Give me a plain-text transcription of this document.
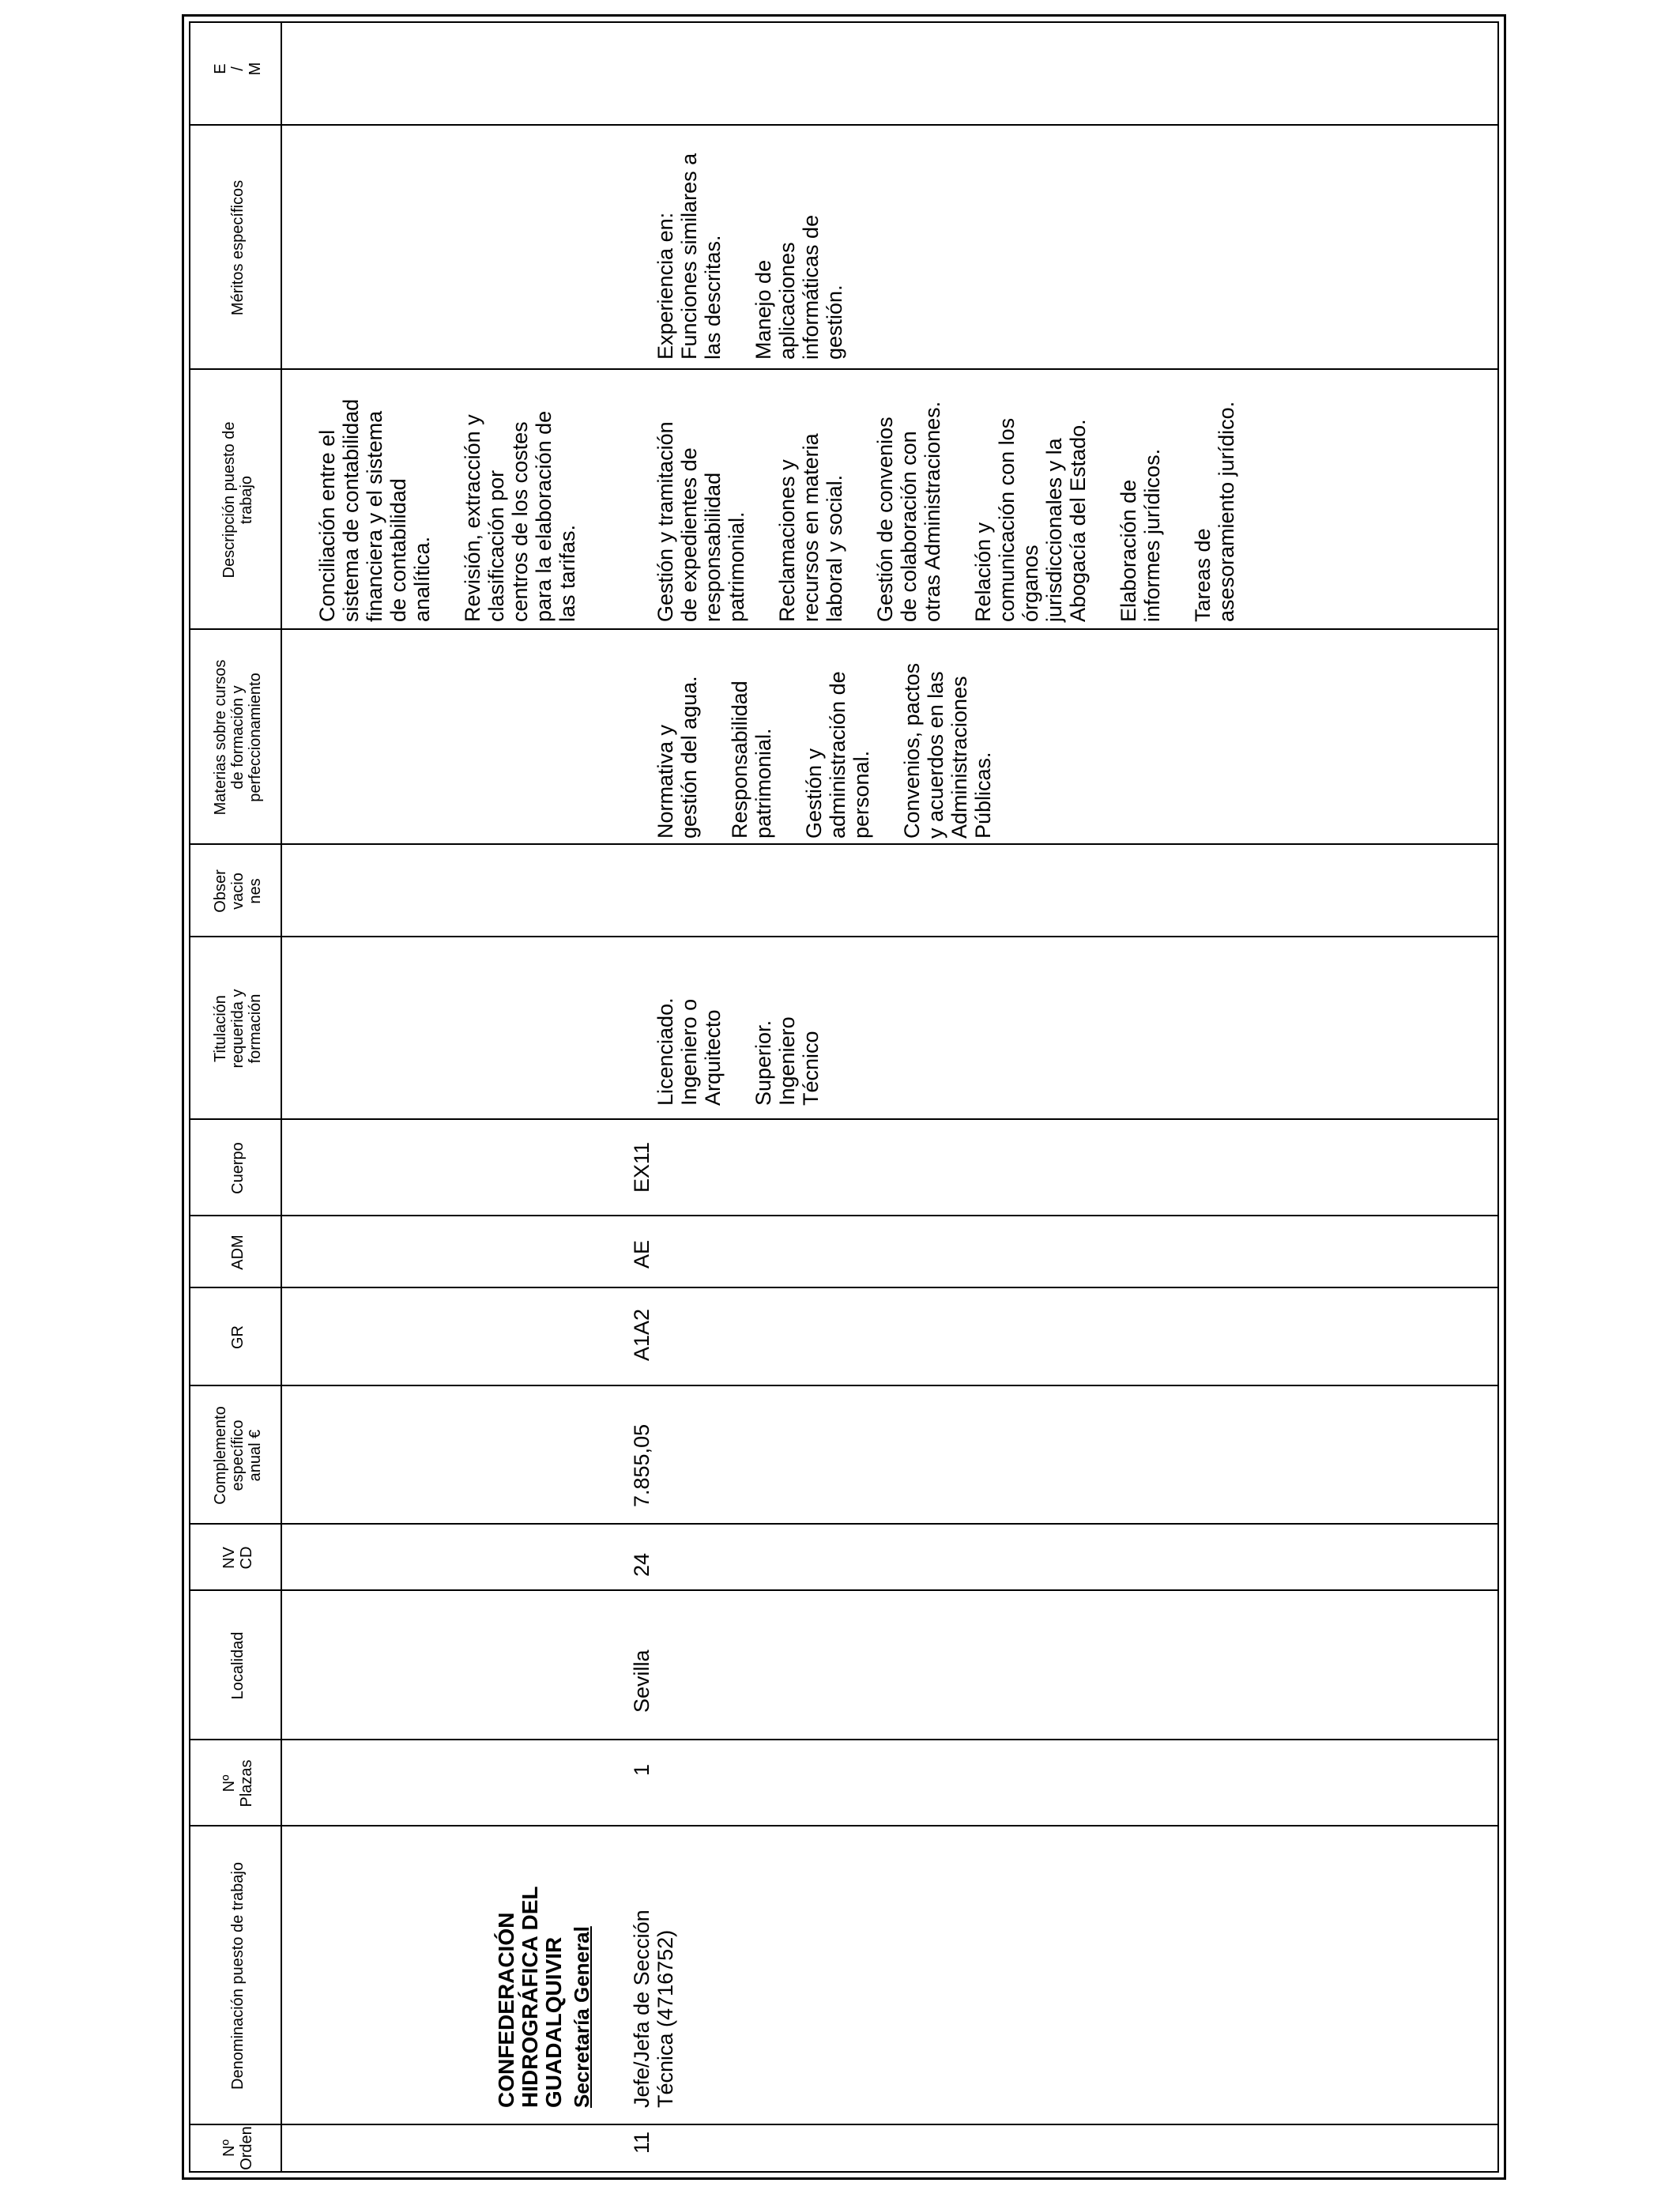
Nº
Orden
Denominación puesto de trabajo
Nº
Plazas
Localidad
NV
CD
Complemento
específico
anual €
GR
ADM
Cuerpo
Titulación
requerida y
formación
Obser
vacio
nes
Materias sobre cursos
de formación y
perfeccionamiento
Descripción puesto de
trabajo
Méritos específicos
E
/
M

Conciliación entre el
sistema de contabilidad
financiera y el sistema
de contabilidad
analítica. Revisión, extracción y
clasificación por
centros de los costes
para la elaboración de
las tarifas.

CONFEDERACIÓN
HIDROGRÁFICA DEL
GUADALQUIVIR Secretaría General
11
Jefe/Jefa de Sección
Técnica (4716752)
1
Sevilla
24
7.855,05
A1A2
AE
EX11

Licenciado.
Ingeniero o
Arquitecto Superior.
Ingeniero
Técnico

Normativa y
gestión del agua. Responsabilidad
patrimonial. Gestión y
administración de
personal. Convenios, pactos
y acuerdos en las
Administraciones
Públicas.

Gestión y tramitación
de expedientes de
responsabilidad
patrimonial. Reclamaciones y
recursos en materia
laboral y social.

Gestión de convenios
de colaboración con
otras Administraciones.

Relación y
comunicación con los
órganos
jurisdiccionales y la
Abogacía del Estado.

Elaboración de
informes jurídicos.

Tareas de
asesoramiento jurídico.

Experiencia en:
Funciones similares a
las descritas. Manejo de
aplicaciones
informáticas de
gestión.
